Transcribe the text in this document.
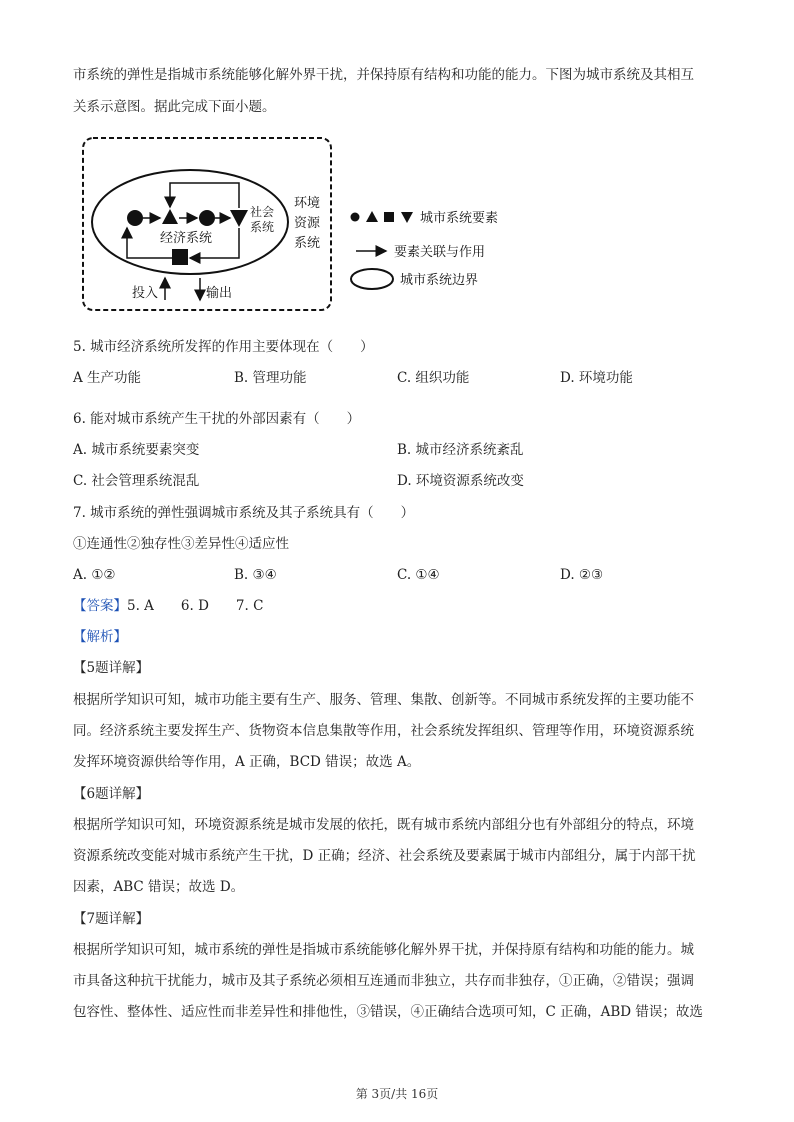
市系统的弹性是指城市系统能够化解外界干扰，并保持原有结构和功能的能力。下图为城市系统及其相互
关系示意图。据此完成下面小题。
经济系统
社会
系统
环境
资源
系统
投入	输出
城市系统要素
要素关联与作用
城市系统边界
5. 城市经济系统所发挥的作用主要体现在（　　）
A 生产功能	B. 管理功能	C. 组织功能	D. 环境功能
6. 能对城市系统产生干扰的外部因素有（　　）
A. 城市系统要素突变	B. 城市经济系统紊乱
C. 社会管理系统混乱	D. 环境资源系统改变
7. 城市系统的弹性强调城市系统及其子系统具有（　　）
①连通性②独存性③差异性④适应性
A. ①②	B. ③④	C. ①④	D. ②③
【答案】5. A　　6. D　　7. C
【解析】
【5题详解】
根据所学知识可知，城市功能主要有生产、服务、管理、集散、创新等。不同城市系统发挥的主要功能不
同。经济系统主要发挥生产、货物资本信息集散等作用，社会系统发挥组织、管理等作用，环境资源系统
发挥环境资源供给等作用，A 正确，BCD 错误；故选 A。
【6题详解】
根据所学知识可知，环境资源系统是城市发展的依托，既有城市系统内部组分也有外部组分的特点，环境
资源系统改变能对城市系统产生干扰，D 正确；经济、社会系统及要素属于城市内部组分，属于内部干扰
因素，ABC 错误；故选 D。
【7题详解】
根据所学知识可知，城市系统的弹性是指城市系统能够化解外界干扰，并保持原有结构和功能的能力。城
市具备这种抗干扰能力，城市及其子系统必须相互连通而非独立，共存而非独存，①正确，②错误；强调
包容性、整体性、适应性而非差异性和排他性，③错误，④正确结合选项可知，C 正确，ABD 错误；故选
第 3页/共 16页
